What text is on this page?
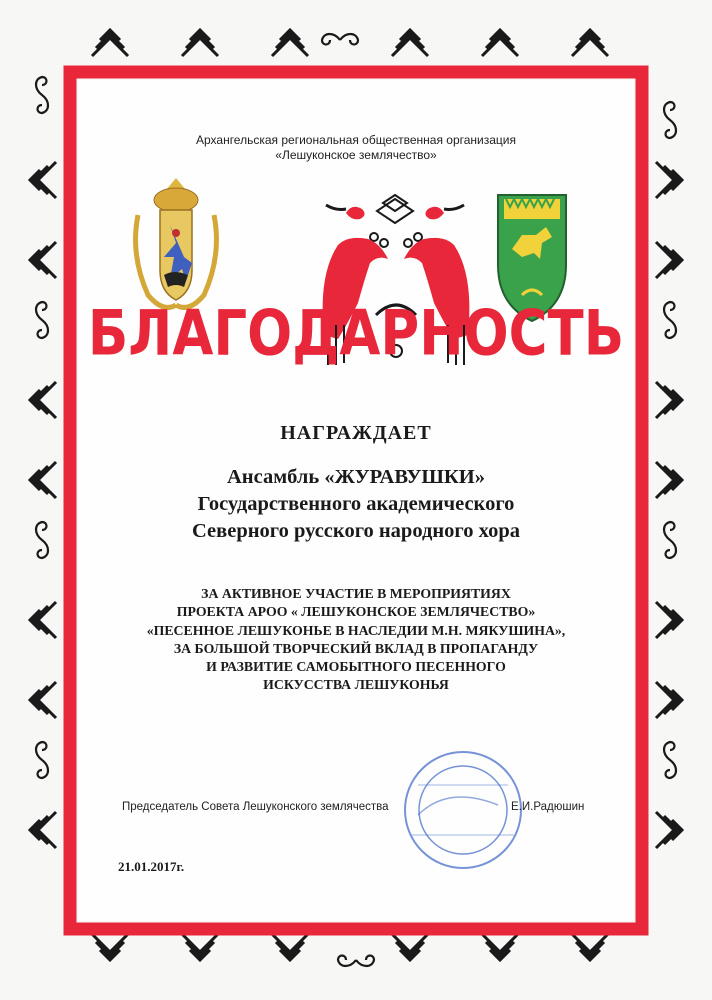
Архангельская региональная общественная организация
«Лешуконское землячество»
БЛАГОДАРНОСТЬ
НАГРАЖДАЕТ
Ансамбль «ЖУРАВУШКИ»
Государственного академического
Северного русского народного хора
ЗА АКТИВНОЕ УЧАСТИЕ В МЕРОПРИЯТИЯХ
ПРОЕКТА АРОО « ЛЕШУКОНСКОЕ ЗЕМЛЯЧЕСТВО»
«ПЕСЕННОЕ ЛЕШУКОНЬЕ В НАСЛЕДИИ М.Н. МЯКУШИНА»,
ЗА БОЛЬШОЙ ТВОРЧЕСКИЙ ВКЛАД В ПРОПАГАНДУ
И РАЗВИТИЕ САМОБЫТНОГО ПЕСЕННОГО
ИСКУССТВА ЛЕШУКОНЬЯ
Председатель Совета Лешуконского землячества	Е.И.Радюшин
21.01.2017г.
